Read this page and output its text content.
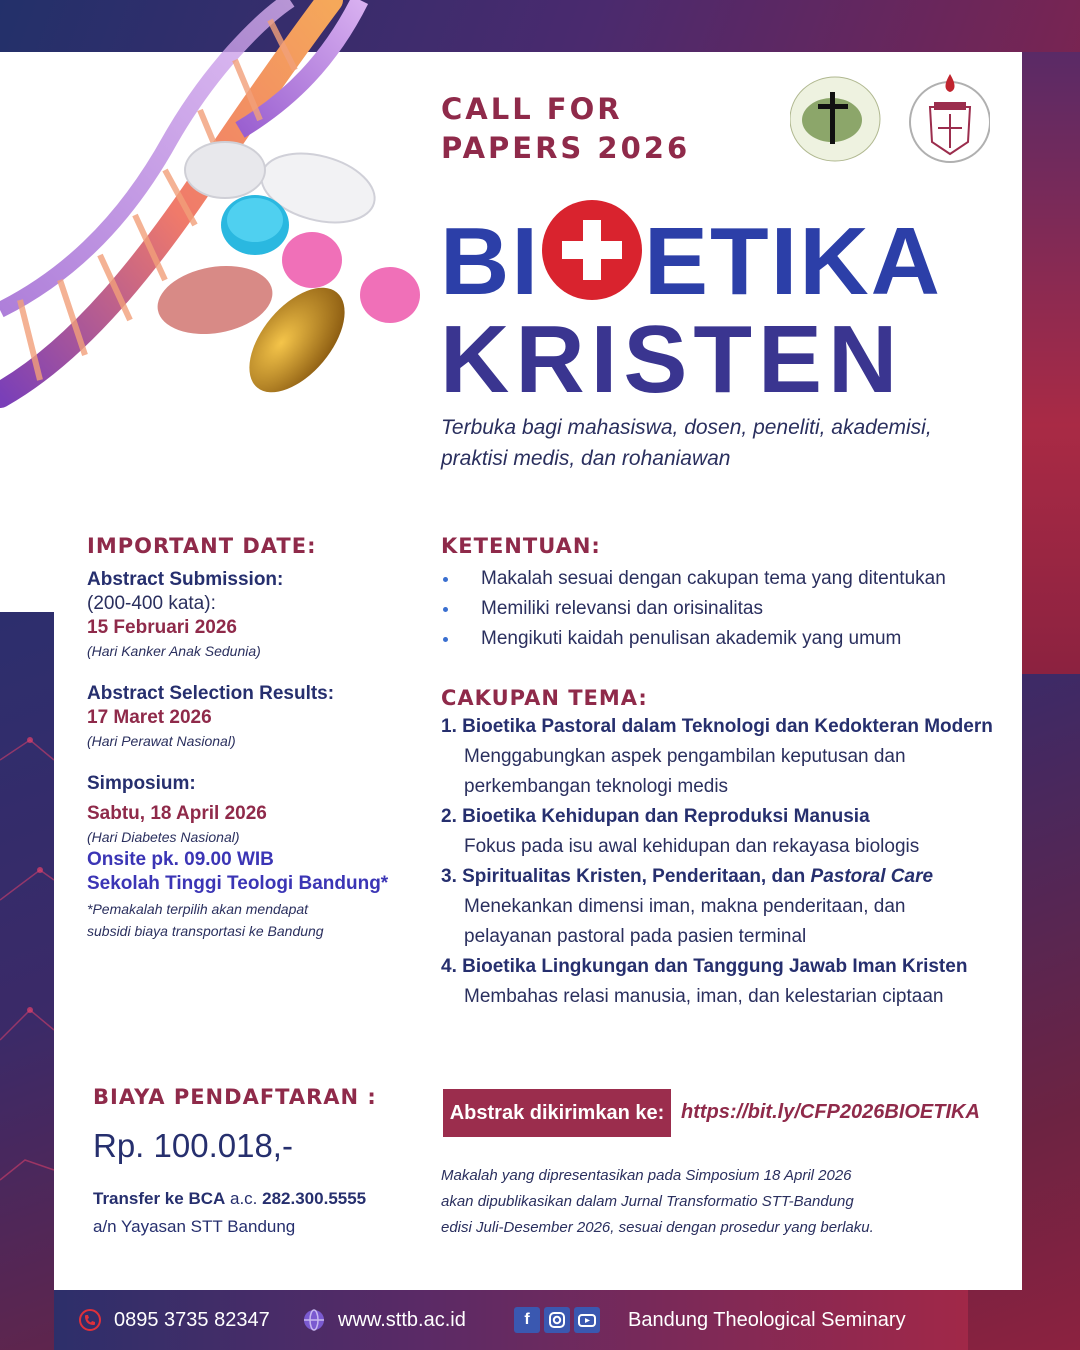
CALL FOR
PAPERS 2026
BI ETIKA
KRISTEN
Terbuka bagi mahasiswa, dosen, peneliti, akademisi,
praktisi medis, dan rohaniawan
IMPORTANT DATE:
Abstract Submission:
(200-400 kata):
15 Februari 2026
(Hari Kanker Anak Sedunia)
Abstract Selection Results:
17 Maret 2026
(Hari Perawat Nasional)
Simposium:
Sabtu, 18 April 2026
(Hari Diabetes Nasional)
Onsite pk. 09.00 WIB
Sekolah Tinggi Teologi Bandung*
*Pemakalah terpilih akan mendapat
subsidi biaya transportasi ke Bandung
KETENTUAN:
Makalah sesuai dengan cakupan tema yang ditentukan
Memiliki relevansi dan orisinalitas
Mengikuti kaidah penulisan akademik yang umum
CAKUPAN TEMA:
1. Bioetika Pastoral dalam Teknologi dan Kedokteran Modern
Menggabungkan aspek pengambilan keputusan dan
perkembangan teknologi medis
2. Bioetika Kehidupan dan Reproduksi Manusia
Fokus pada isu awal kehidupan dan rekayasa biologis
3. Spiritualitas Kristen, Penderitaan, dan Pastoral Care
Menekankan dimensi iman, makna penderitaan, dan
pelayanan pastoral pada pasien terminal
4. Bioetika Lingkungan dan Tanggung Jawab Iman Kristen
Membahas relasi manusia, iman, dan kelestarian ciptaan
BIAYA PENDAFTARAN :
Rp. 100.018,-
Transfer ke BCA a.c. 282.300.5555
a/n Yayasan STT Bandung
Abstrak dikirimkan ke: https://bit.ly/CFP2026BIOETIKA
Makalah yang dipresentasikan pada Simposium 18 April 2026
akan dipublikasikan dalam Jurnal Transformatio STT-Bandung
edisi Juli-Desember 2026, sesuai dengan prosedur yang berlaku.
0895 3735 82347	www.sttb.ac.id	f	Bandung Theological Seminary
